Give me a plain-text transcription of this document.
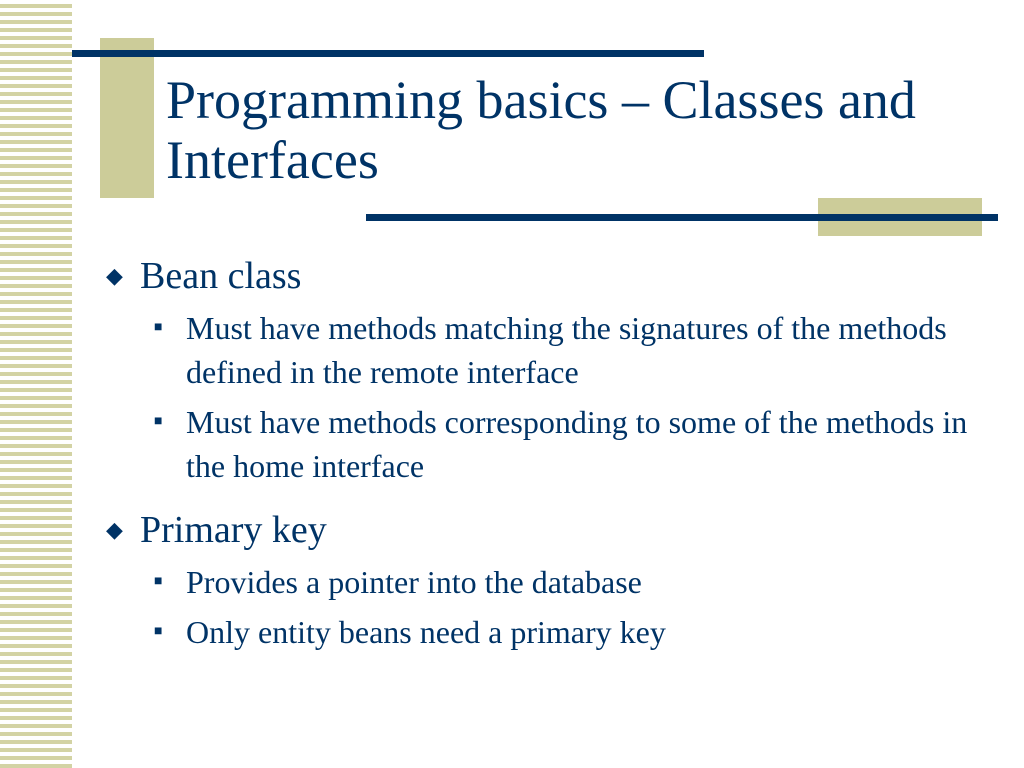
Programming basics – Classes and Interfaces
◆ Bean class
■ Must have methods matching the signatures of the methods defined in the remote interface
■ Must have methods corresponding to some of the methods in the home interface
◆ Primary key
■ Provides a pointer into the database
■ Only entity beans need a primary key
